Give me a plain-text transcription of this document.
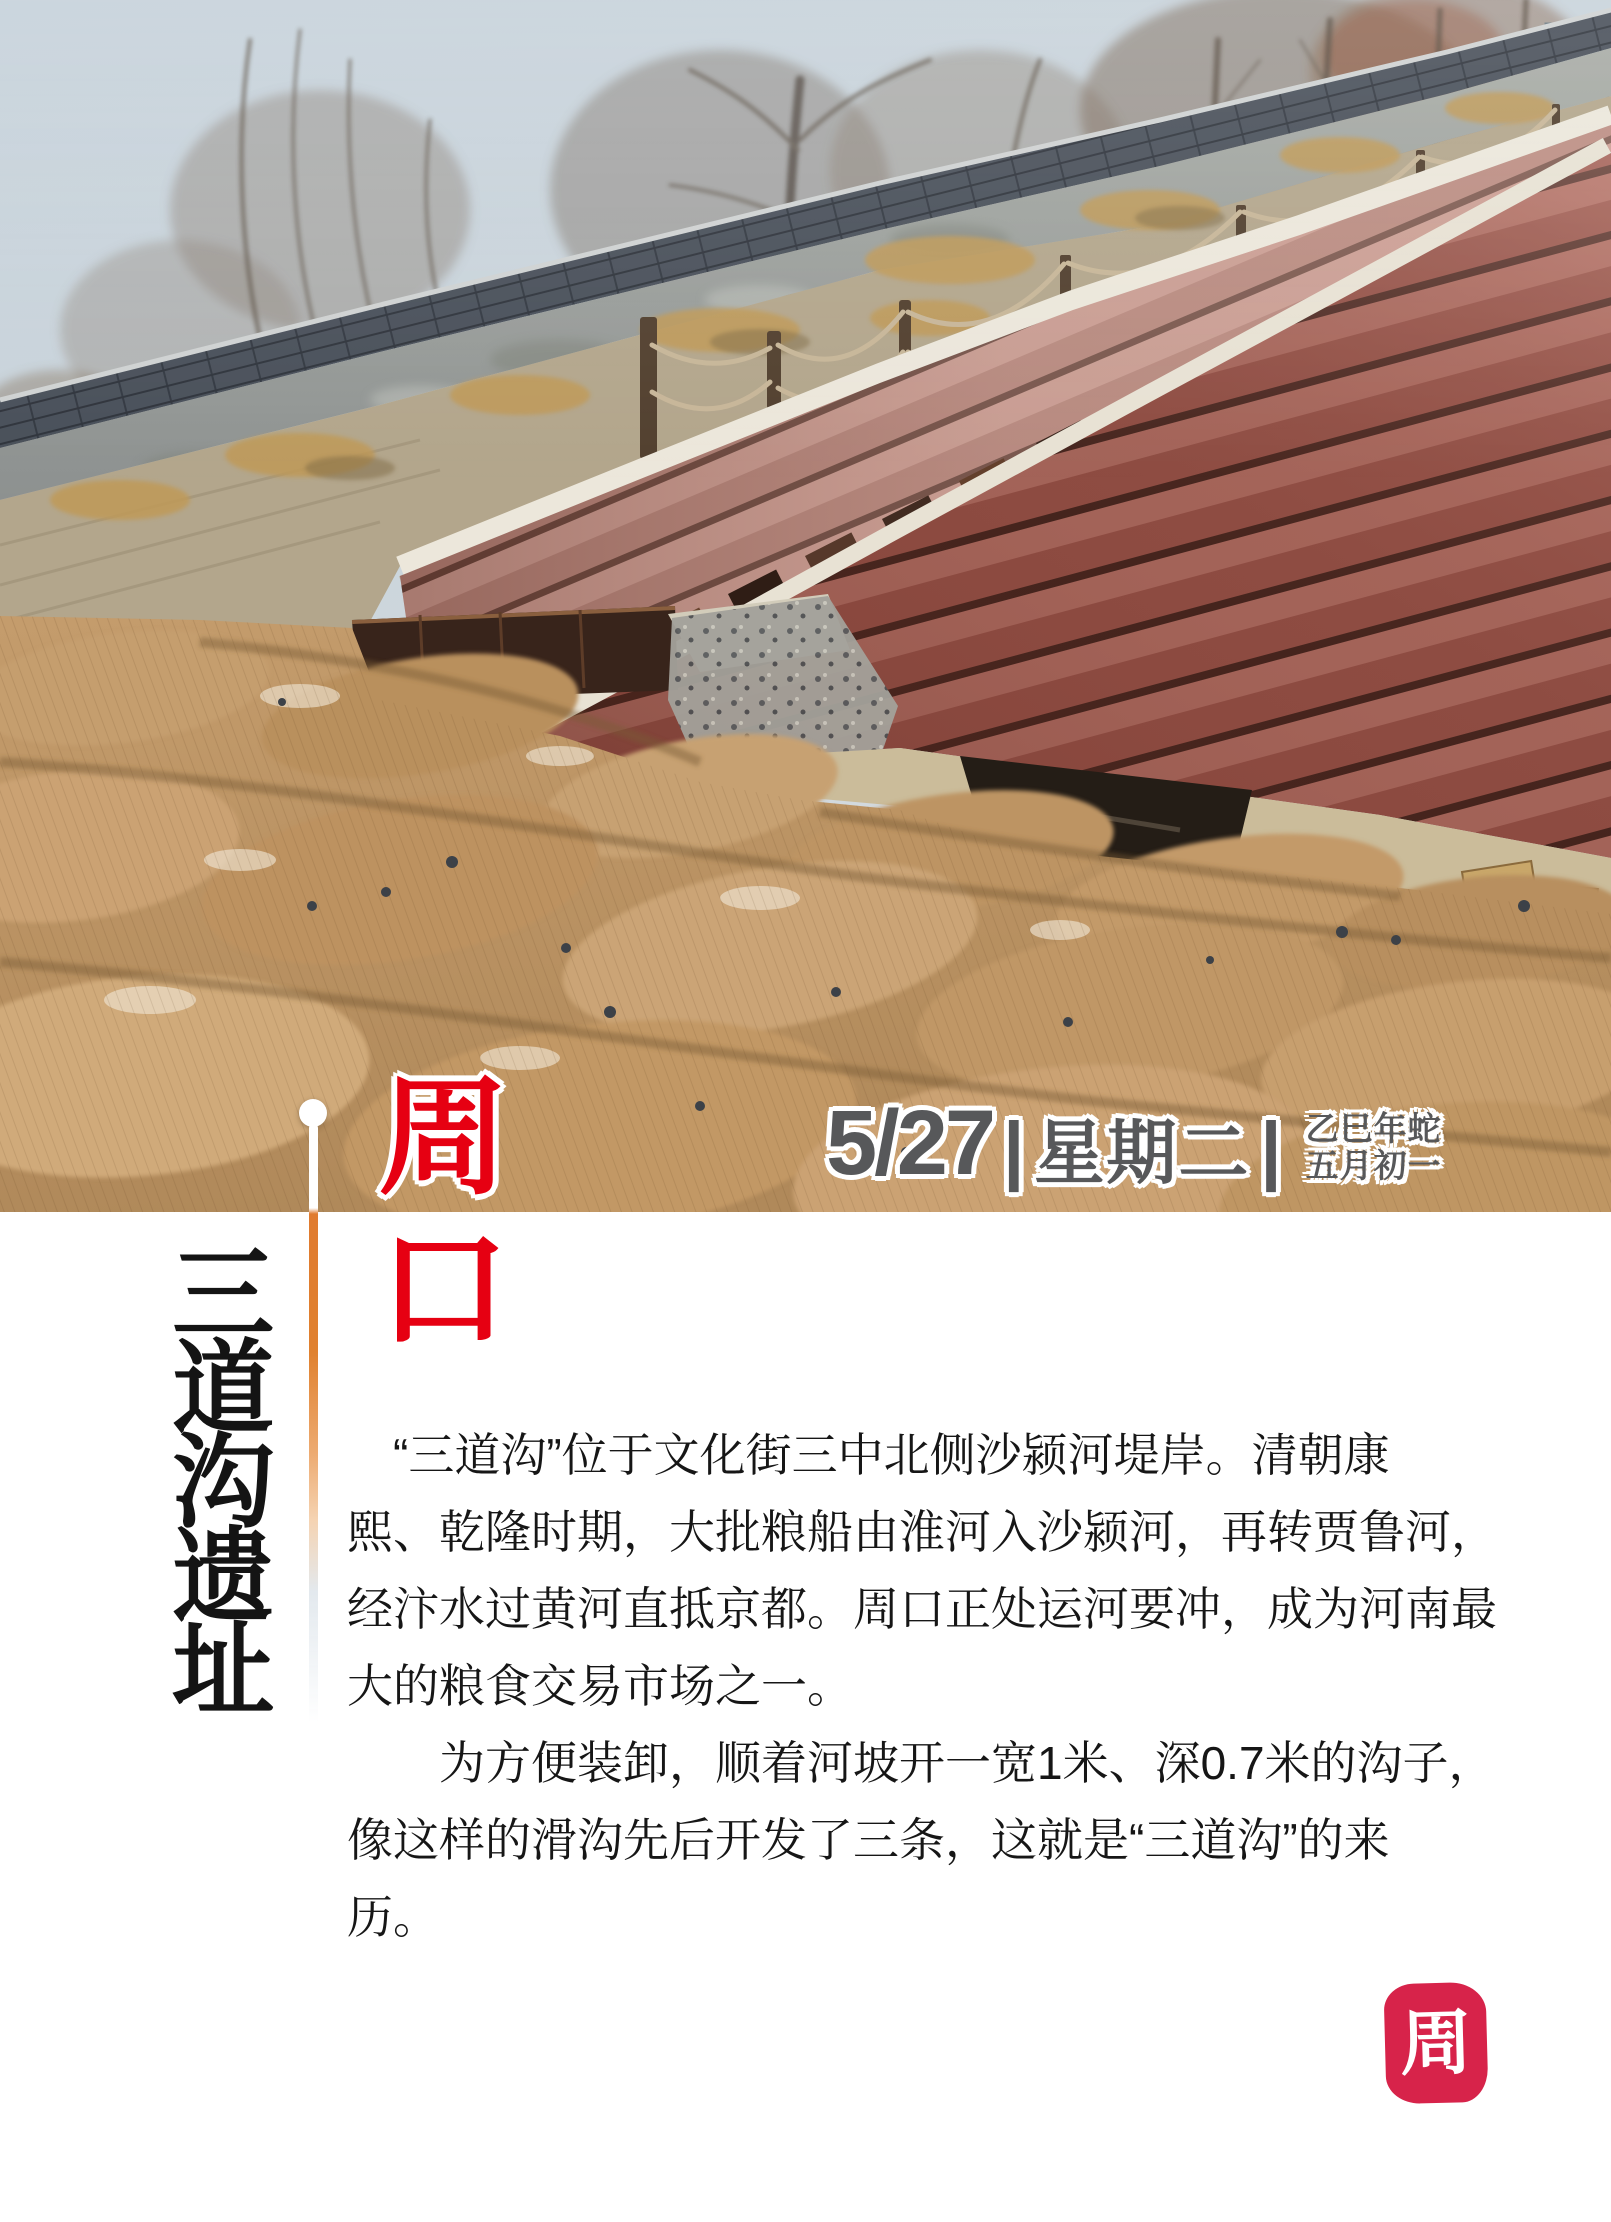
5/27 | 星期二 | 乙巳年蛇
五月初一
周口
三道沟遗址	“三道沟”位于文化街三中北侧沙颍河堤岸。清朝康
熙、乾隆时期，大批粮船由淮河入沙颍河，再转贾鲁河，
经汴水过黄河直抵京都。周口正处运河要冲，成为河南最
大的粮食交易市场之一。
为方便装卸，顺着河坡开一宽1米、深0.7米的沟子，
像这样的滑沟先后开发了三条，这就是“三道沟”的来
历。
周
